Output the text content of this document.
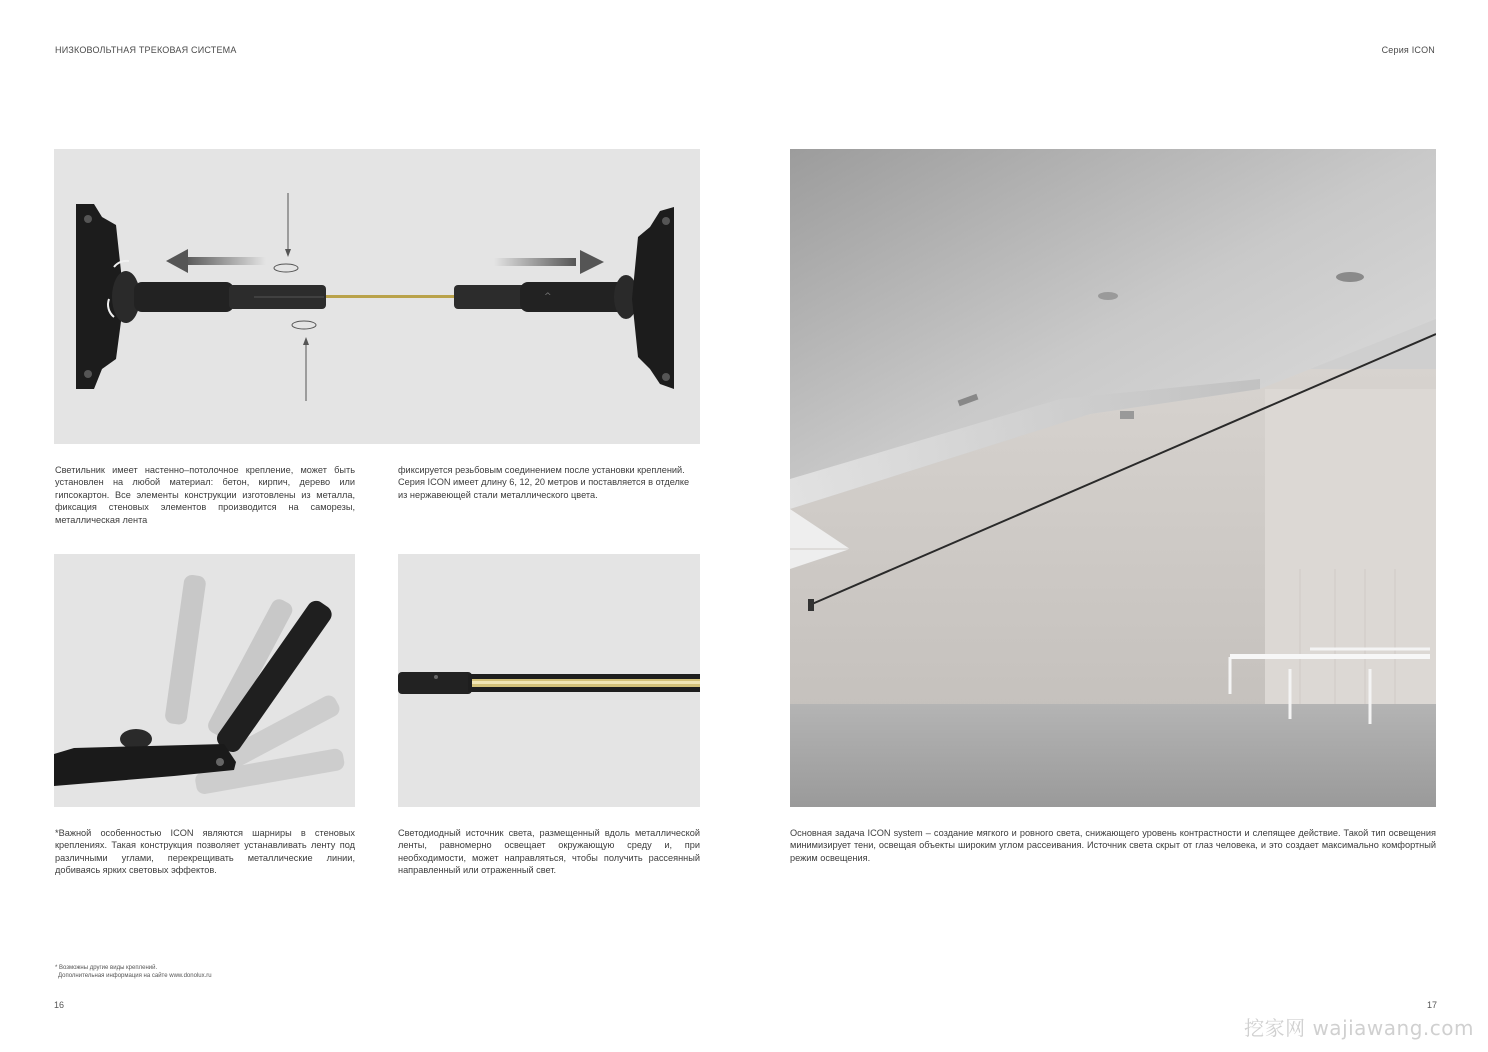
НИЗКОВОЛЬТНАЯ ТРЕКОВАЯ СИСТЕМА	Серия ICON
^
Светильник имеет настенно–потолочное крепление, может быть установлен на любой материал: бетон, кирпич, дерево или гипсокартон. Все элементы конструкции изготовлены из металла, фиксация стеновых элементов производится на саморезы, металлическая лента
фиксируется резьбовым соединением после установки креплений. Серия ICON имеет длину 6, 12, 20 метров и поставляется в отделке из нержавеющей стали металлического цвета.
*Важной особенностью ICON являются шарниры в стеновых креплениях. Такая конструкция позволяет устанавливать ленту под различными углами, перекрещивать металлические линии, добиваясь ярких световых эффектов.
Светодиодный источник света, размещенный вдоль металлической ленты, равномерно освещает окружающую среду и, при необходимости, может направляться, чтобы получить рассеянный направленный или отраженный свет.
* Возможны другие виды креплений.
Дополнительная информация на сайте www.donolux.ru
16
Основная задача ICON system – создание мягкого и ровного света, снижающего уровень контрастности и слепящее действие. Такой тип освещения минимизирует тени, освещая объекты широким углом рассеивания. Источник света скрыт от глаз человека, и это создает максимально комфортный режим освещения.
17
挖家网 wajiawang.com
